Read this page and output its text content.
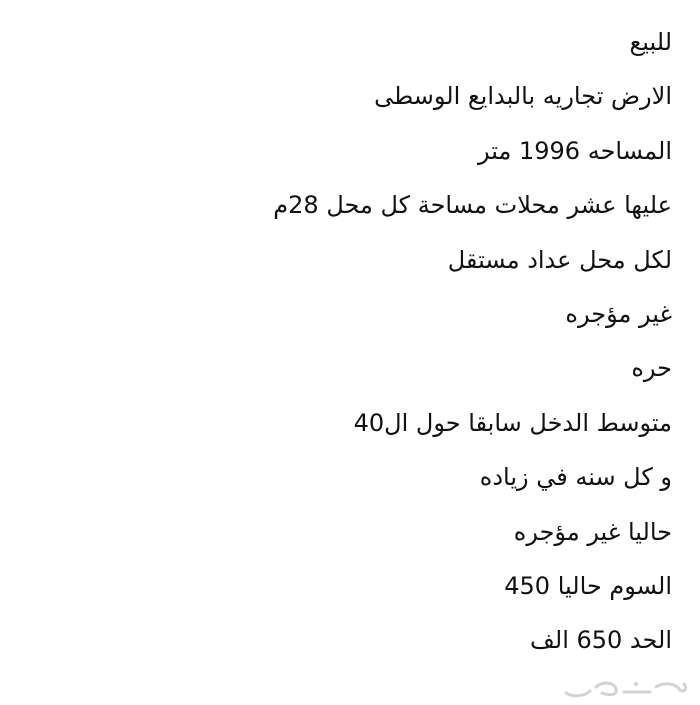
للبيع
الارض تجاريه بالبدايع الوسطى
المساحه 1996 متر
عليها عشر محلات مساحة كل محل 28م
لكل محل عداد مستقل
غير مؤجره
حره
متوسط الدخل سابقا حول ال40
و كل سنه في زياده
حاليا غير مؤجره
السوم حاليا 450
الحد 650 الف
